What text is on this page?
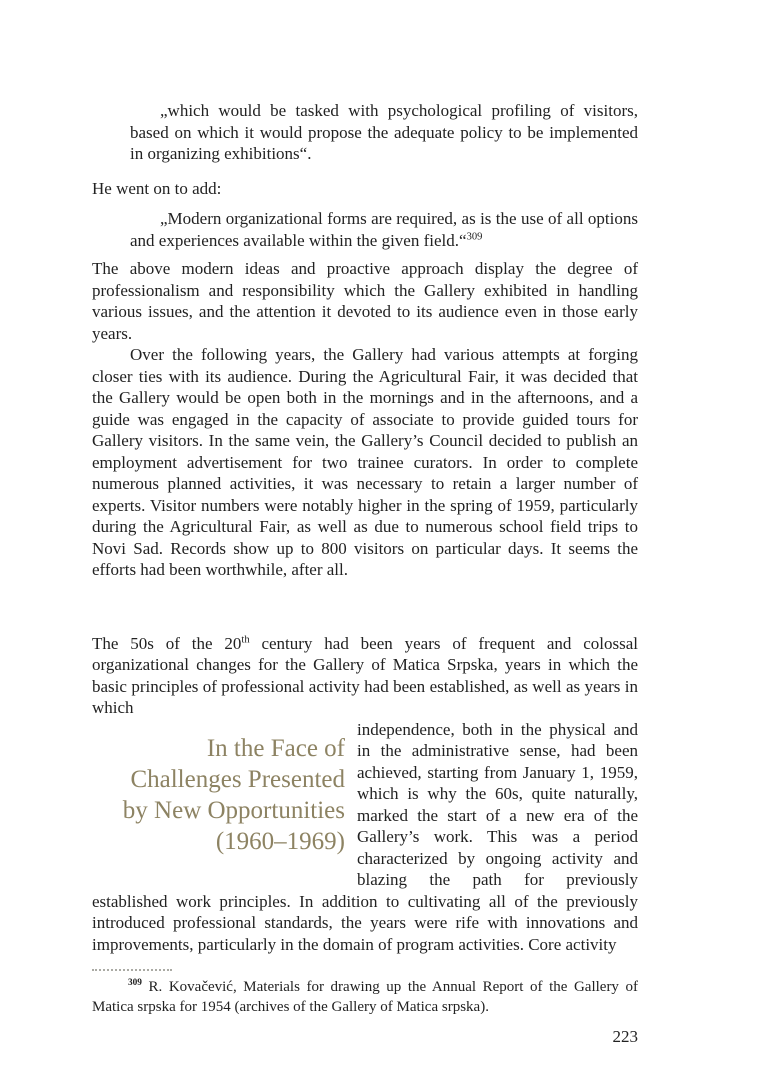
„which would be tasked with psychological profiling of visitors, based on which it would propose the adequate policy to be implemented in organizing exhibitions“.

He went on to add:

„Modern organizational forms are required, as is the use of all options and experiences available within the given field.“$^{309}$

The above modern ideas and proactive approach display the degree of professionalism and responsibility which the Gallery exhibited in handling various issues, and the attention it devoted to its audience even in those early years.

Over the following years, the Gallery had various attempts at forging closer ties with its audience. During the Agricultural Fair, it was decided that the Gallery would be open both in the mornings and in the afternoons, and a guide was engaged in the capacity of associate to provide guided tours for Gallery visitors. In the same vein, the Gallery’s Council decided to publish an employment advertisement for two trainee curators. In order to complete numerous planned activities, it was necessary to retain a larger number of experts. Visitor numbers were notably higher in the spring of 1959, particularly during the Agricultural Fair, as well as due to numerous school field trips to Novi Sad. Records show up to 800 visitors on particular days. It seems the efforts had been worthwhile, after all.

The 50s of the 20th century had been years of frequent and colossal organizational changes for the Gallery of Matica Srpska, years in which the basic principles of professional activity had been established, as well as years in which

In the Face of
Challenges Presented
by New Opportunities
(1960–1969)

independence, both in the physical and in the administrative sense, had been achieved, starting from January 1, 1959, which is why the 60s, quite naturally, marked the start of a new era of the Gallery’s work. This was a period characterized by ongoing activity and blazing the path for previously established work principles. In addition to cultivating all of the previously introduced professional standards, the years were rife with innovations and improvements, particularly in the domain of program activities. Core activity

$^{309}$ R. Kovačević, Materials for drawing up the Annual Report of the Gallery of Matica srpska for 1954 (archives of the Gallery of Matica srpska).

223
